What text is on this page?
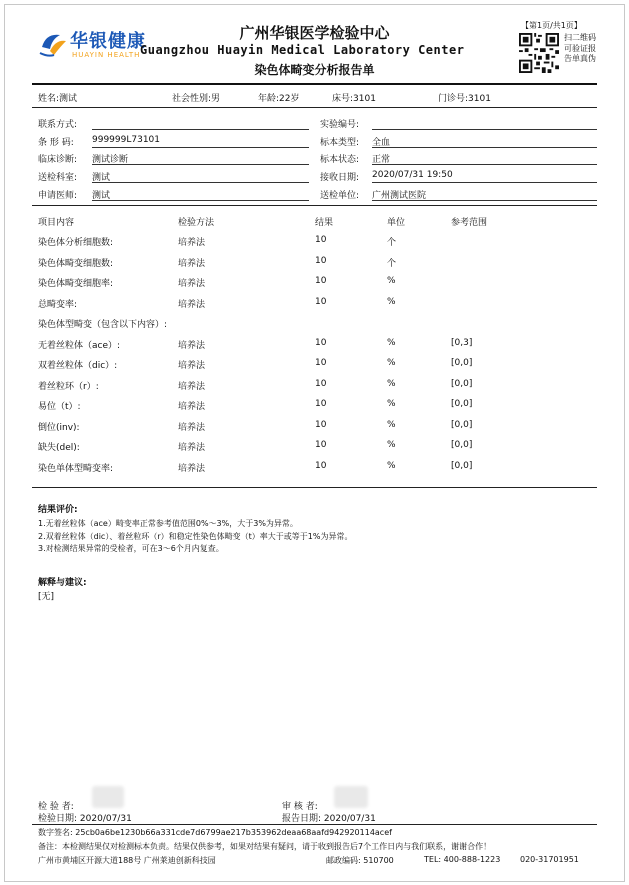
华银健康
HUAYIN HEALTH
广州华银医学检验中心
Guangzhou Huayin Medical Laboratory Center
染色体畸变分析报告单
【第1页/共1页】
扫二维码可验证报告单真伪
姓名:测试	社会性别:男	年龄:22岁	床号:3101	门诊号:3101
联系方式:
条 形 码: 999999L73101
临床诊断: 测试诊断
送检科室: 测试
申请医师: 测试
实验编号:
标本类型: 全血
标本状态: 正常
接收日期: 2020/07/31 19:50
送检单位: 广州测试医院
项目内容	检验方法	结果	单位	参考范围
染色体分析细胞数:	培养法	10	个
染色体畸变细胞数:	培养法	10	个
染色体畸变细胞率:	培养法	10	%
总畸变率:	培养法	10	%
染色体型畸变（包含以下内容）:
无着丝粒体（ace）:	培养法	10	%	[0,3]
双着丝粒体（dic）:	培养法	10	%	[0,0]
着丝粒环（r）:	培养法	10	%	[0,0]
易位（t）:	培养法	10	%	[0,0]
倒位(inv):	培养法	10	%	[0,0]
缺失(del):	培养法	10	%	[0,0]
染色单体型畸变率:	培养法	10	%	[0,0]
结果评价:
1.无着丝粒体（ace）畸变率正常参考值范围0%～3%，大于3%为异常。
2.双着丝粒体（dic）、着丝粒环（r）和稳定性染色体畸变（t）率大于或等于1%为异常。
3.对检测结果异常的受检者，可在3～6个月内复查。
解释与建议:
[无]
检 验 者:	审 核 者:
检验日期: 2020/07/31	报告日期: 2020/07/31
数字签名: 25cb0a6be1230b66a331cde7d6799ae217b353962deaa68aafd942920114acef
备注：本检测结果仅对检测标本负责。结果仅供参考，如果对结果有疑问，请于收到报告后7个工作日内与我们联系，谢谢合作！
广州市黄埔区开源大道188号 广州莱迪创新科技园	邮政编码: 510700	TEL: 400-888-1223 020-31701951
